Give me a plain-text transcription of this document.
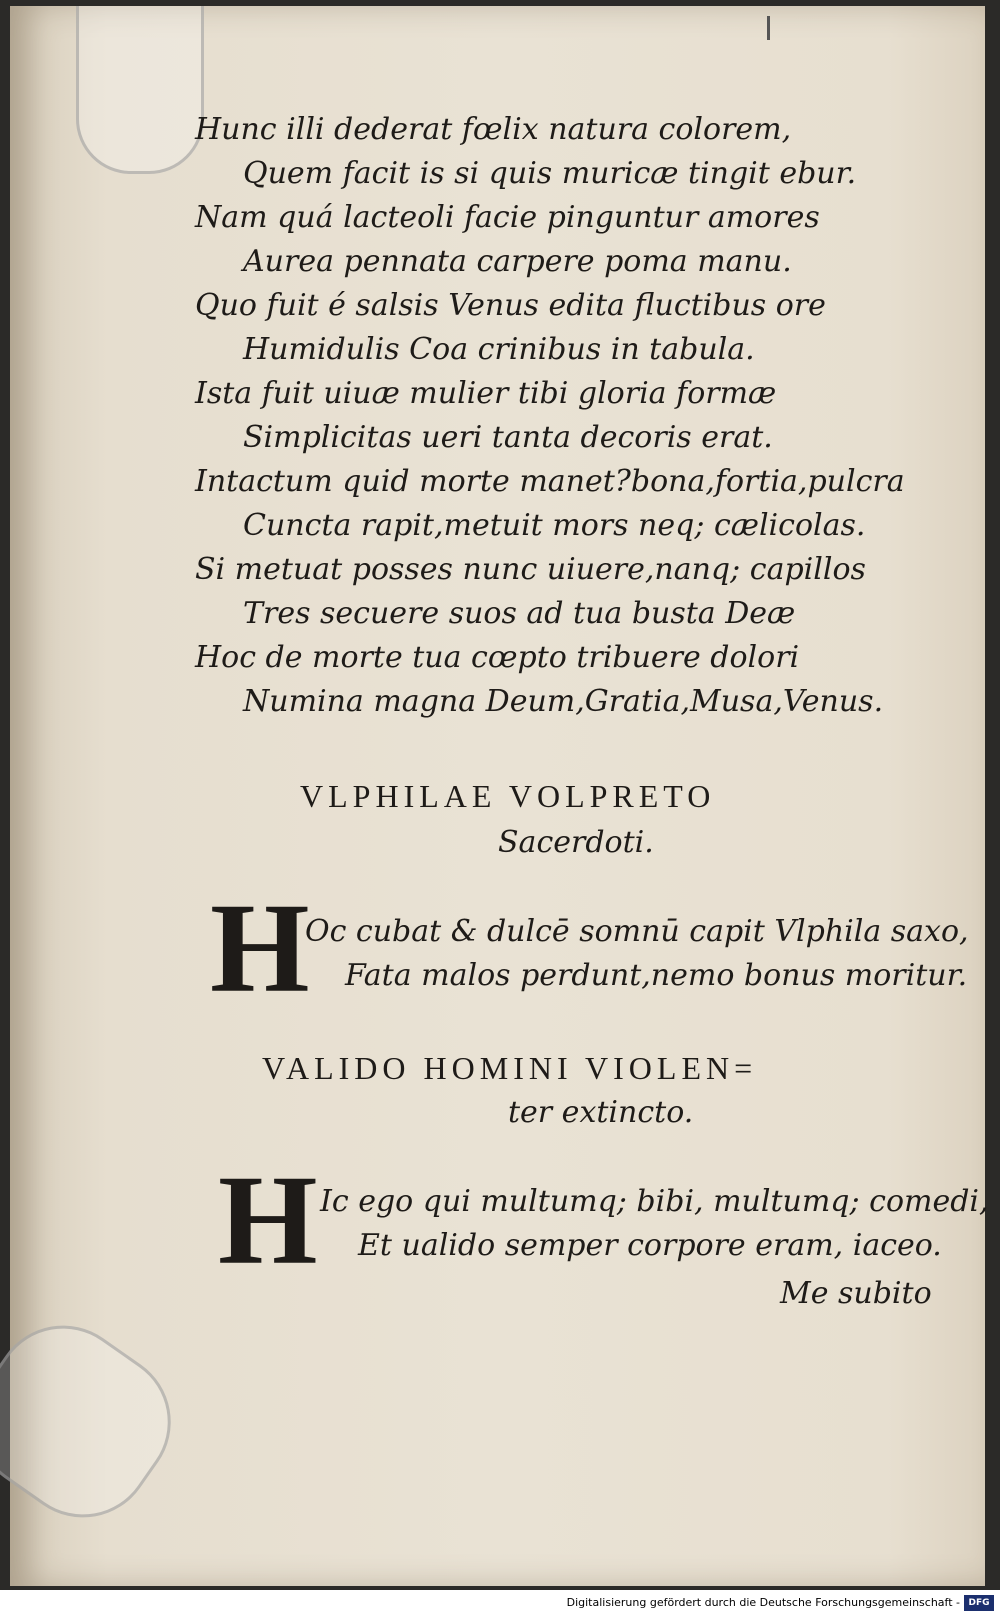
Hunc illi dederat fœlix natura colorem,
Quem facit is si quis muricæ tingit ebur.
Nam quá lacteoli facie pinguntur amores
Aurea pennata carpere poma manu.
Quo fuit é salsis Venus edita fluctibus ore
Humidulis Coa crinibus in tabula.
Ista fuit uiuæ mulier tibi gloria formæ
Simplicitas ueri tanta decoris erat.
Intactum quid morte manet?bona,fortia,pulcra
Cuncta rapit,metuit mors neq; cælicolas.
Si metuat posses nunc uiuere,nanq; capillos
Tres secuere suos ad tua busta Deæ
Hoc de morte tua cœpto tribuere dolori
Numina magna Deum,Gratia,Musa,Venus.
VLPHILAE VOLPRETO
Sacerdoti.
H
Oc cubat & dulcē somnū capit Vlphila saxo,
Fata malos perdunt,nemo bonus moritur.
VALIDO HOMINI VIOLEN=
ter extincto.
H Ic ego qui multumq; bibi, multumq; comedi,
Et ualido semper corpore eram, iaceo.
Me subito
Digitalisierung gefördert durch die Deutsche Forschungsgemeinschaft - DFG
